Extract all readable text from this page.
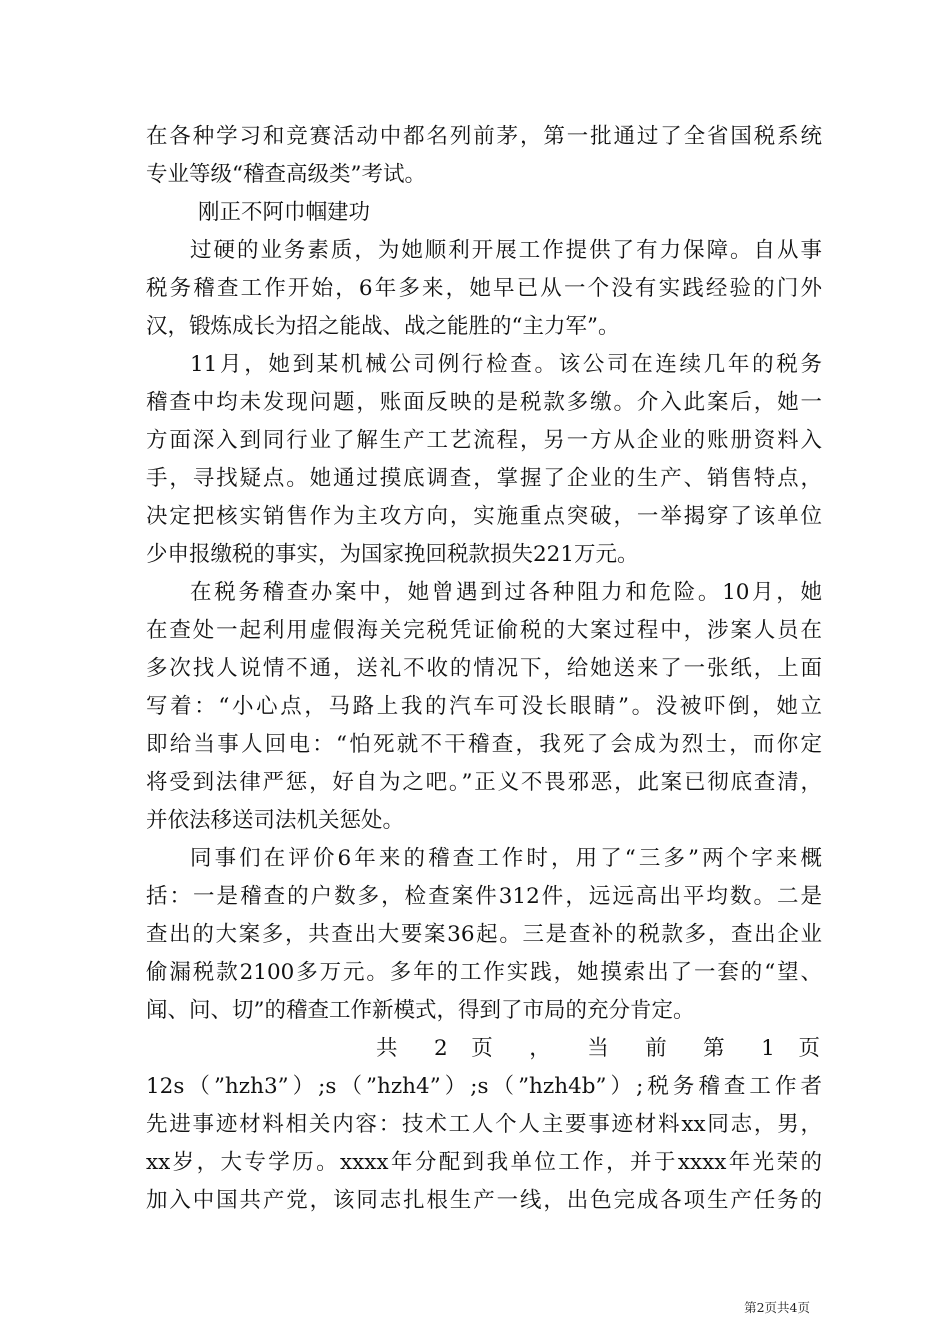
在各种学习和竞赛活动中都名列前茅，第一批通过了全省国税系统
专业等级“稽查高级类”考试。
刚正不阿巾帼建功
过硬的业务素质，为她顺利开展工作提供了有力保障。自从事
税务稽查工作开始，6年多来，她早已从一个没有实践经验的门外
汉，锻炼成长为招之能战、战之能胜的“主力军”。
11月，她到某机械公司例行检查。该公司在连续几年的税务
稽查中均未发现问题，账面反映的是税款多缴。介入此案后，她一
方面深入到同行业了解生产工艺流程，另一方从企业的账册资料入
手，寻找疑点。她通过摸底调查，掌握了企业的生产、销售特点，
决定把核实销售作为主攻方向，实施重点突破，一举揭穿了该单位
少申报缴税的事实，为国家挽回税款损失221万元。
在税务稽查办案中，她曾遇到过各种阻力和危险。10月，她
在查处一起利用虚假海关完税凭证偷税的大案过程中，涉案人员在
多次找人说情不通，送礼不收的情况下，给她送来了一张纸，上面
写着：“小心点，马路上我的汽车可没长眼睛”。没被吓倒，她立
即给当事人回电：“怕死就不干稽查，我死了会成为烈士，而你定
将受到法律严惩，好自为之吧。”正义不畏邪恶，此案已彻底查清，
并依法移送司法机关惩处。
同事们在评价6年来的稽查工作时，用了“三多”两个字来概
括：一是稽查的户数多，检查案件312件，远远高出平均数。二是
查出的大案多，共查出大要案36起。三是查补的税款多，查出企业
偷漏税款2100多万元。多年的工作实践，她摸索出了一套的“望、
闻、问、切”的稽查工作新模式，得到了市局的充分肯定。
共 2 页 ， 当 前 第 1 页
12s（”hzh3”）;s（”hzh4”）;s（”hzh4b”）;税务稽查工作者
先进事迹材料相关内容：技术工人个人主要事迹材料xx同志，男，
xx岁，大专学历。xxxx年分配到我单位工作，并于xxxx年光荣的
加入中国共产党，该同志扎根生产一线，出色完成各项生产任务的
第2页共4页
